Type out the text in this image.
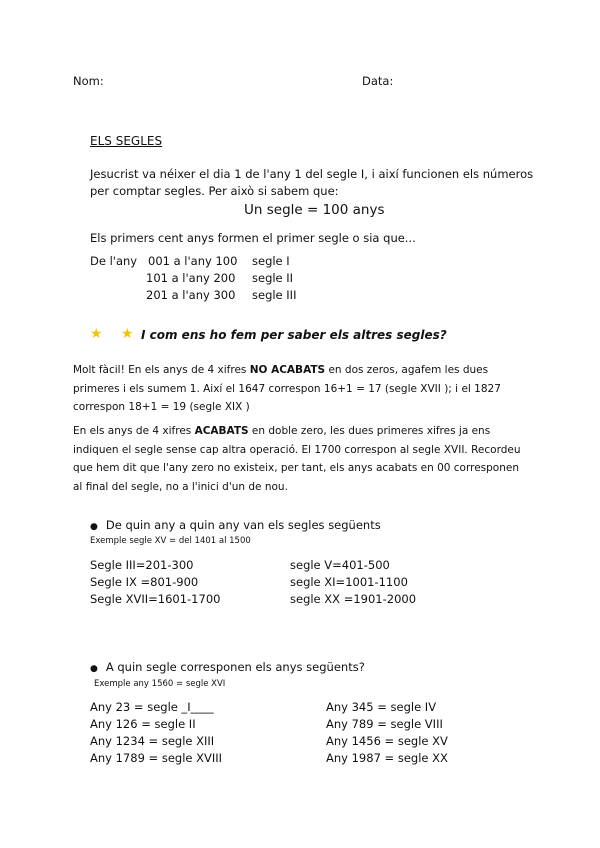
Nom:	Data:
ELS SEGLES
Jesucrist va néixer el dia 1 de l'any 1 del segle I, i així funcionen els números
per comptar segles. Per això si sabem que:
Un segle = 100 anys
Els primers cent anys formen el primer segle o sia que...
De l'any 001 a l'any 100 segle I
101 a l'any 200 segle II
201 a l'any 300 segle III
★ ★ I com ens ho fem per saber els altres segles?
Molt fàcil! En els anys de 4 xifres NO ACABATS en dos zeros, agafem les dues primeres i els sumem 1. Així el 1647 correspon 16+1 = 17 (segle XVII ); i el 1827 correspon 18+1 = 19 (segle XIX )
En els anys de 4 xifres ACABATS en doble zero, les dues primeres xifres ja ens indiquen el segle sense cap altra operació. El 1700 correspon al segle XVII. Recordeu que hem dit que l'any zero no existeix, per tant, els anys acabats en 00 corresponen al final del segle, no a l'inici d'un de nou.
● De quin any a quin any van els segles següents
Exemple segle XV = del 1401 al 1500
Segle III=201-300
Segle IX =801-900
Segle XVII=1601-1700
segle V=401-500
segle XI=1001-1100
segle XX =1901-2000
● A quin segle corresponen els anys següents?
Exemple any 1560 = segle XVI
Any 23 = segle _I____
Any 126 = segle II
Any 1234 = segle XIII
Any 1789 = segle XVIII
Any 345 = segle IV
Any 789 = segle VIII
Any 1456 = segle XV
Any 1987 = segle XX
